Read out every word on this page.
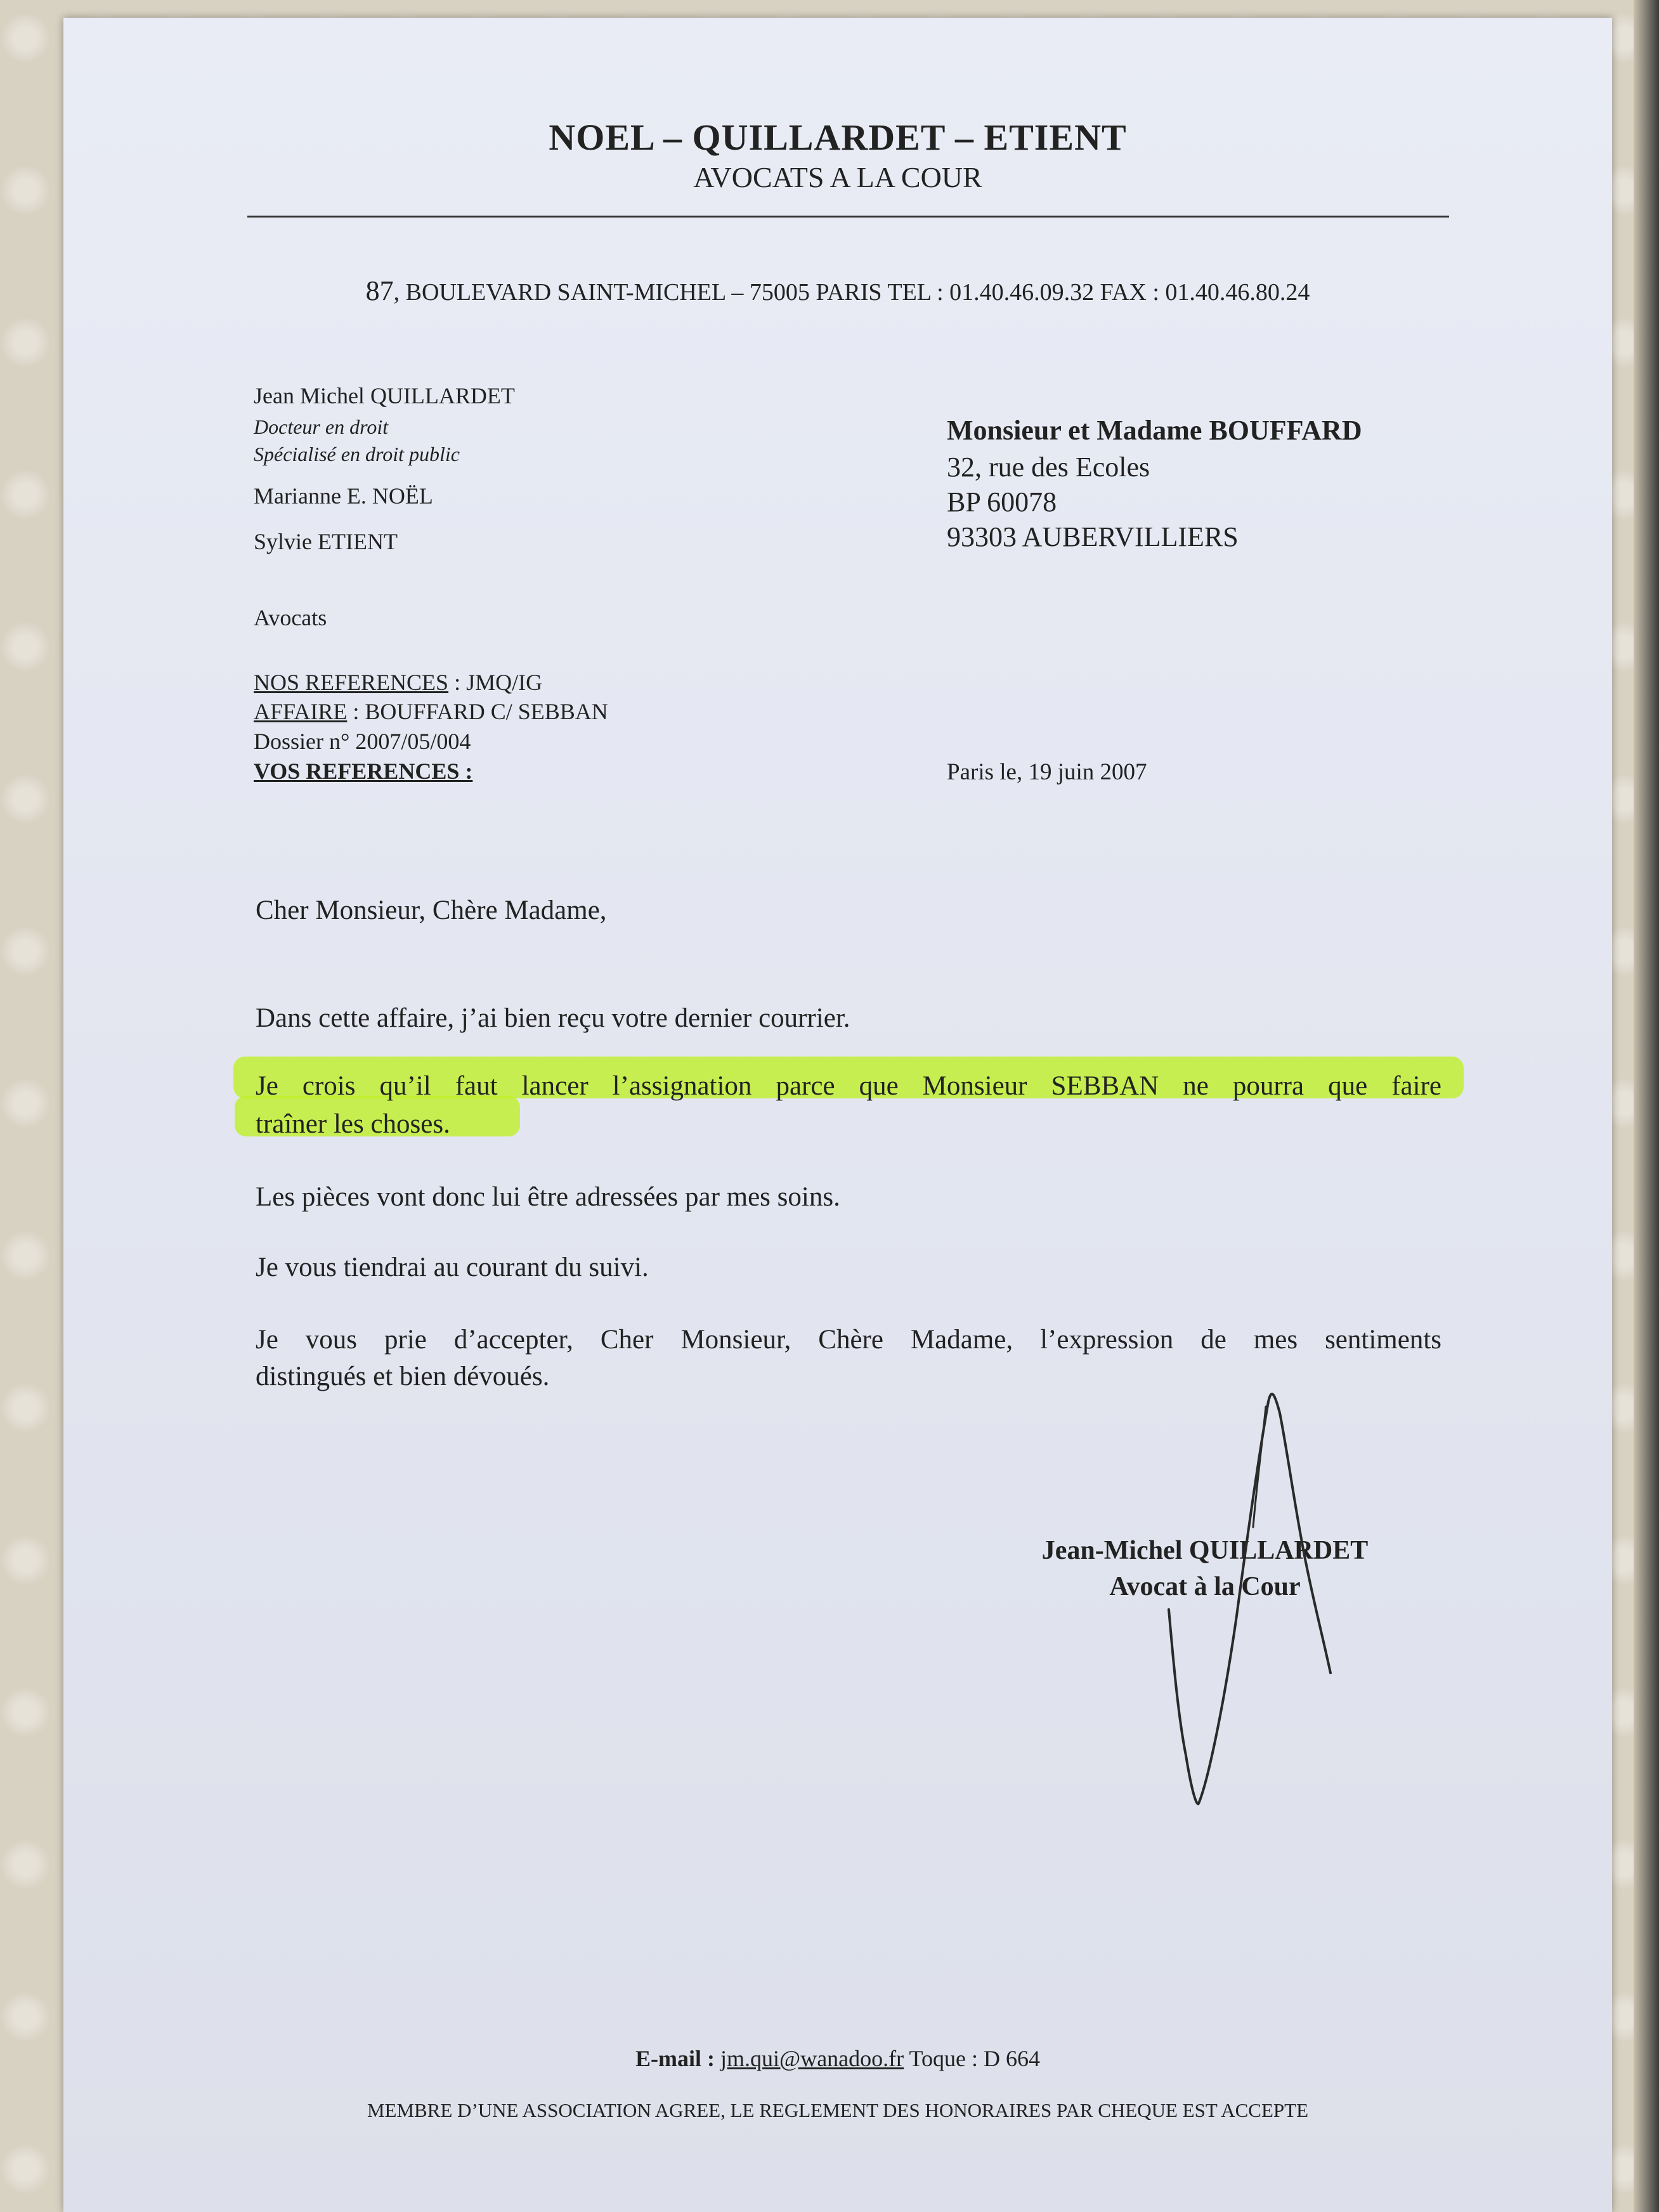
NOEL – QUILLARDET – ETIENT
AVOCATS A LA COUR
87, BOULEVARD SAINT-MICHEL – 75005 PARIS TEL : 01.40.46.09.32 FAX : 01.40.46.80.24
Jean Michel QUILLARDET
Docteur en droit
Spécialisé en droit public
Marianne E. NOËL
Sylvie ETIENT
Avocats
NOS REFERENCES : JMQ/IG
AFFAIRE : BOUFFARD C/ SEBBAN
Dossier n° 2007/05/004
VOS REFERENCES :
Monsieur et Madame BOUFFARD
32, rue des Ecoles
BP 60078
93303 AUBERVILLIERS
Paris le, 19 juin 2007
Cher Monsieur, Chère Madame,
Dans cette affaire, j’ai bien reçu votre dernier courrier.
Je crois qu’il faut lancer l’assignation parce que Monsieur SEBBAN ne pourra que faire
traîner les choses.
Les pièces vont donc lui être adressées par mes soins.
Je vous tiendrai au courant du suivi.
Je vous prie d’accepter, Cher Monsieur, Chère Madame, l’expression de mes sentiments
distingués et bien dévoués.
Jean-Michel QUILLARDET
Avocat à la Cour
E-mail : jm.qui@wanadoo.fr Toque : D 664
MEMBRE D’UNE ASSOCIATION AGREE, LE REGLEMENT DES HONORAIRES PAR CHEQUE EST ACCEPTE
